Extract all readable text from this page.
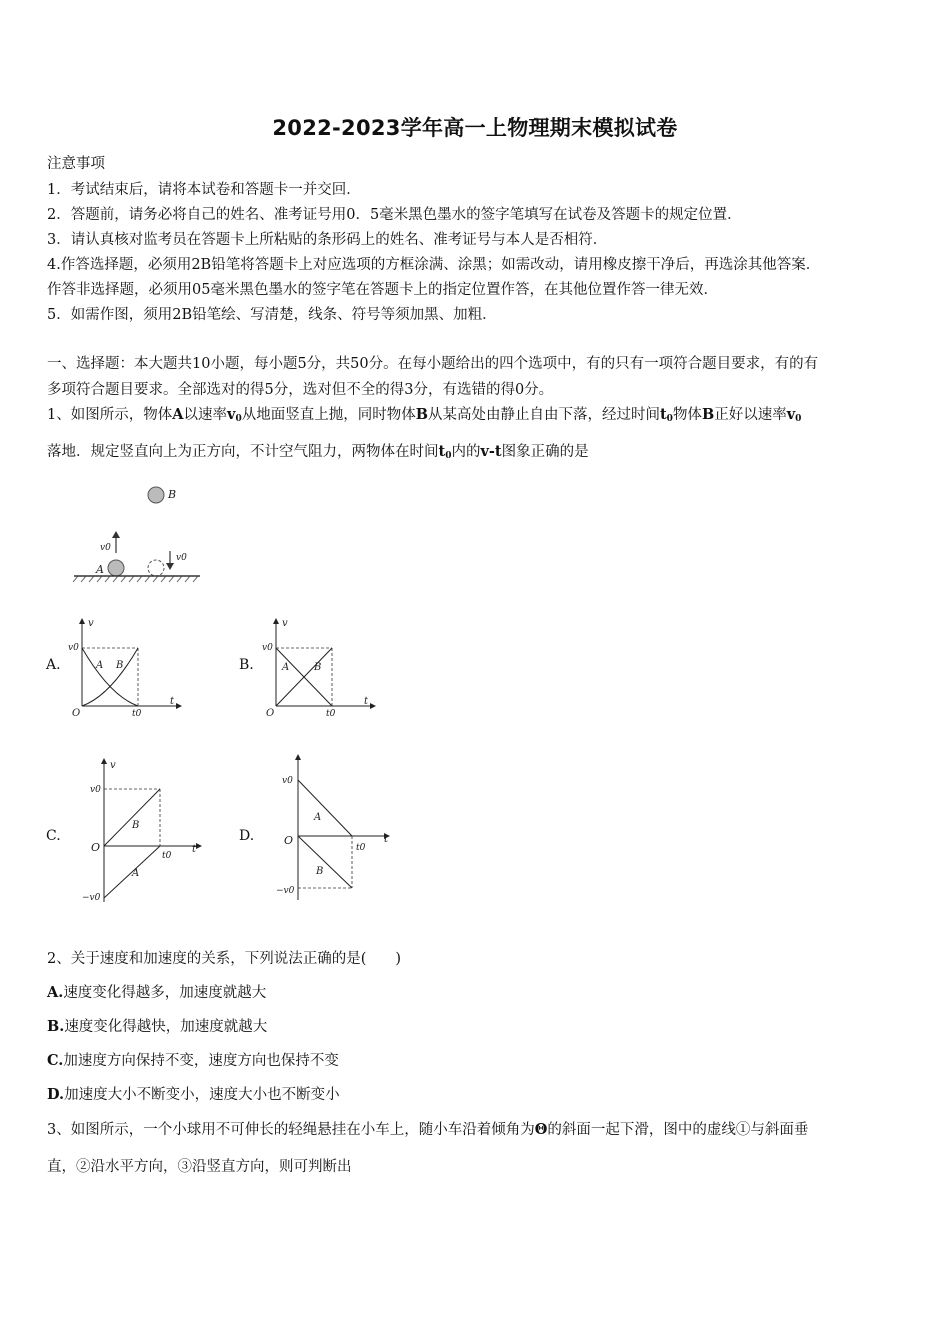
2022-2023学年高一上物理期末模拟试卷
注意事项
1．考试结束后，请将本试卷和答题卡一并交回．
2．答题前，请务必将自己的姓名、准考证号用0．5毫米黑色墨水的签字笔填写在试卷及答题卡的规定位置．
3．请认真核对监考员在答题卡上所粘贴的条形码上的姓名、准考证号与本人是否相符．
4.作答选择题，必须用2B铅笔将答题卡上对应选项的方框涂满、涂黑；如需改动，请用橡皮擦干净后，再选涂其他答案．
作答非选择题，必须用05毫米黑色墨水的签字笔在答题卡上的指定位置作答，在其他位置作答一律无效．
5．如需作图，须用2B铅笔绘、写清楚，线条、符号等须加黑、加粗．
一、选择题：本大题共10小题，每小题5分，共50分。在每小题给出的四个选项中，有的只有一项符合题目要求，有的有
多项符合题目要求。全部选对的得5分，选对但不全的得3分，有选错的得0分。
1、如图所示，物体A以速率$v_0$从地面竖直上抛，同时物体B从某高处由静止自由下落，经过时间$t_0$物体B正好以速率$v_0$
落地．规定竖直向上为正方向，不计空气阻力，两物体在时间$t_0$内的v-t图象正确的是
B
v0
A
v0
A.
v
t
O
v0
t0
A B	B.
v
t
O
v0
t0
A B
C.
v
t
O
v0
−v0
t0
B
A
D.	t
O
v0
−v0
t0
A
B
2、关于速度和加速度的关系，下列说法正确的是(　　)
A.速度变化得越多，加速度就越大
B.速度变化得越快，加速度就越大
C.加速度方向保持不变，速度方向也保持不变
D.加速度大小不断变小，速度大小也不断变小
3、如图所示，一个小球用不可伸长的轻绳悬挂在小车上，随小车沿着倾角为Θ的斜面一起下滑，图中的虚线①与斜面垂
直，②沿水平方向，③沿竖直方向，则可判断出
